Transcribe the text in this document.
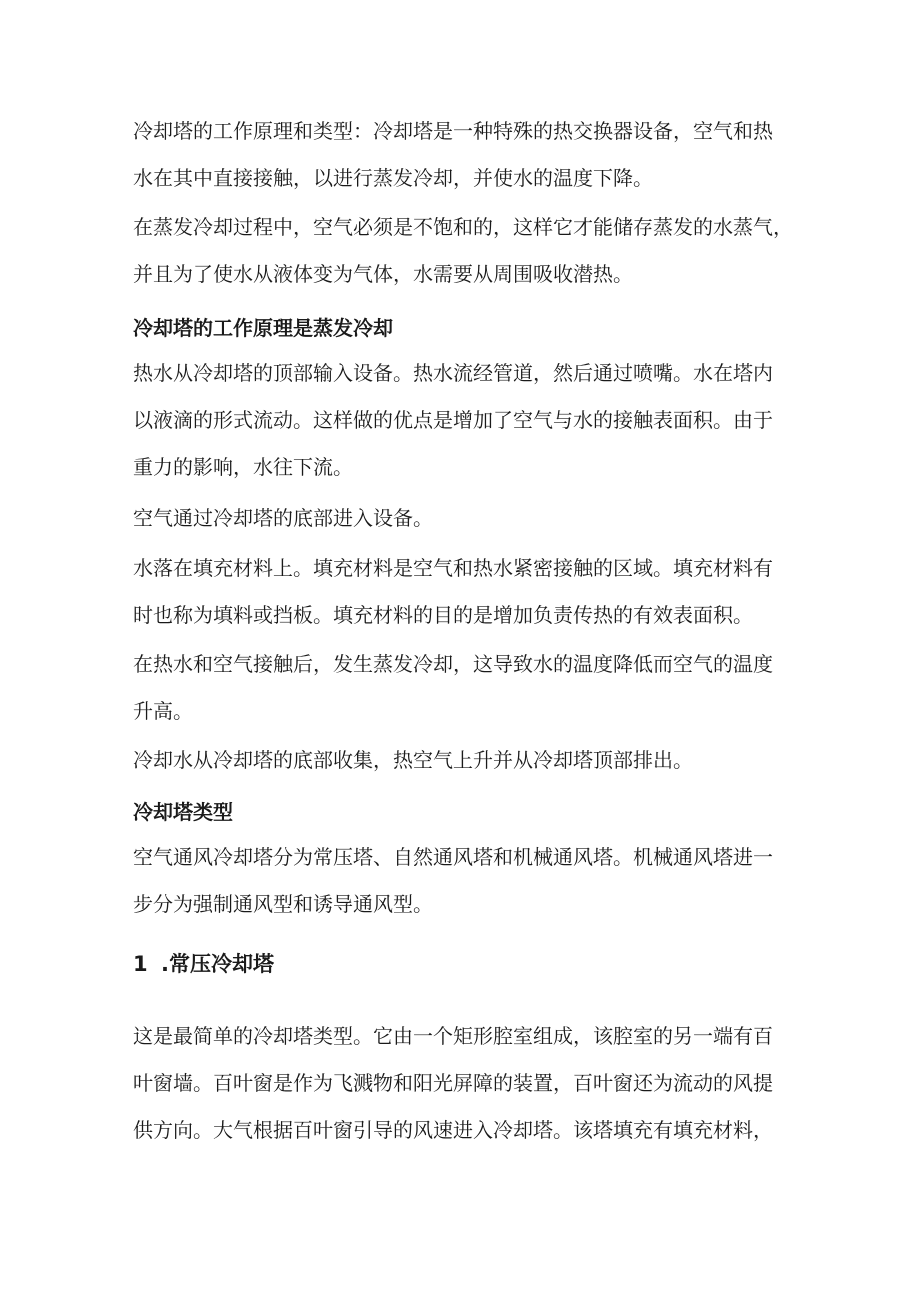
冷却塔的工作原理和类型：冷却塔是一种特殊的热交换器设备，空气和热
水在其中直接接触，以进行蒸发冷却，并使水的温度下降。

在蒸发冷却过程中，空气必须是不饱和的，这样它才能储存蒸发的水蒸气，
并且为了使水从液体变为气体，水需要从周围吸收潜热。

冷却塔的工作原理是蒸发冷却

热水从冷却塔的顶部输入设备。热水流经管道，然后通过喷嘴。水在塔内
以液滴的形式流动。这样做的优点是增加了空气与水的接触表面积。由于
重力的影响，水往下流。

空气通过冷却塔的底部进入设备。

水落在填充材料上。填充材料是空气和热水紧密接触的区域。填充材料有
时也称为填料或挡板。填充材料的目的是增加负责传热的有效表面积。

在热水和空气接触后，发生蒸发冷却，这导致水的温度降低而空气的温度
升高。

冷却水从冷却塔的底部收集，热空气上升并从冷却塔顶部排出。

冷却塔类型

空气通风冷却塔分为常压塔、自然通风塔和机械通风塔。机械通风塔进一
步分为强制通风型和诱导通风型。

1 .常压冷却塔

这是最简单的冷却塔类型。它由一个矩形腔室组成，该腔室的另一端有百
叶窗墙。百叶窗是作为飞溅物和阳光屏障的装置，百叶窗还为流动的风提
供方向。大气根据百叶窗引导的风速进入冷却塔。该塔填充有填充材料，
